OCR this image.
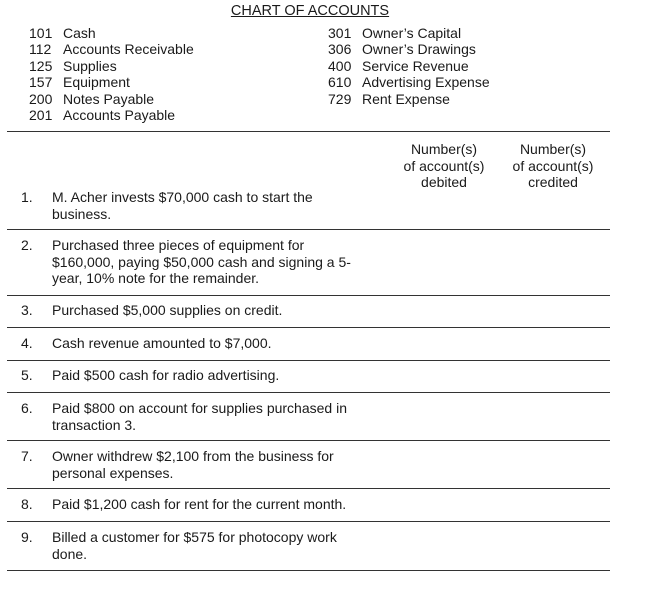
CHART OF ACCOUNTS
101 Cash
112 Accounts Receivable
125 Supplies
157 Equipment
200 Notes Payable
201 Accounts Payable
301 Owner’s Capital
306 Owner’s Drawings
400 Service Revenue
610 Advertising Expense
729 Rent Expense
Number(s)
of account(s)
debited
Number(s)
of account(s)
credited
1.	M. Acher invests $70,000 cash to start the
business.
2.	Purchased three pieces of equipment for
$160,000, paying $50,000 cash and signing a 5-
year, 10% note for the remainder.
3.	Purchased $5,000 supplies on credit.
4.	Cash revenue amounted to $7,000.
5.	Paid $500 cash for radio advertising.
6.	Paid $800 on account for supplies purchased in
transaction 3.
7.	Owner withdrew $2,100 from the business for
personal expenses.
8.	Paid $1,200 cash for rent for the current month.
9.	Billed a customer for $575 for photocopy work
done.
